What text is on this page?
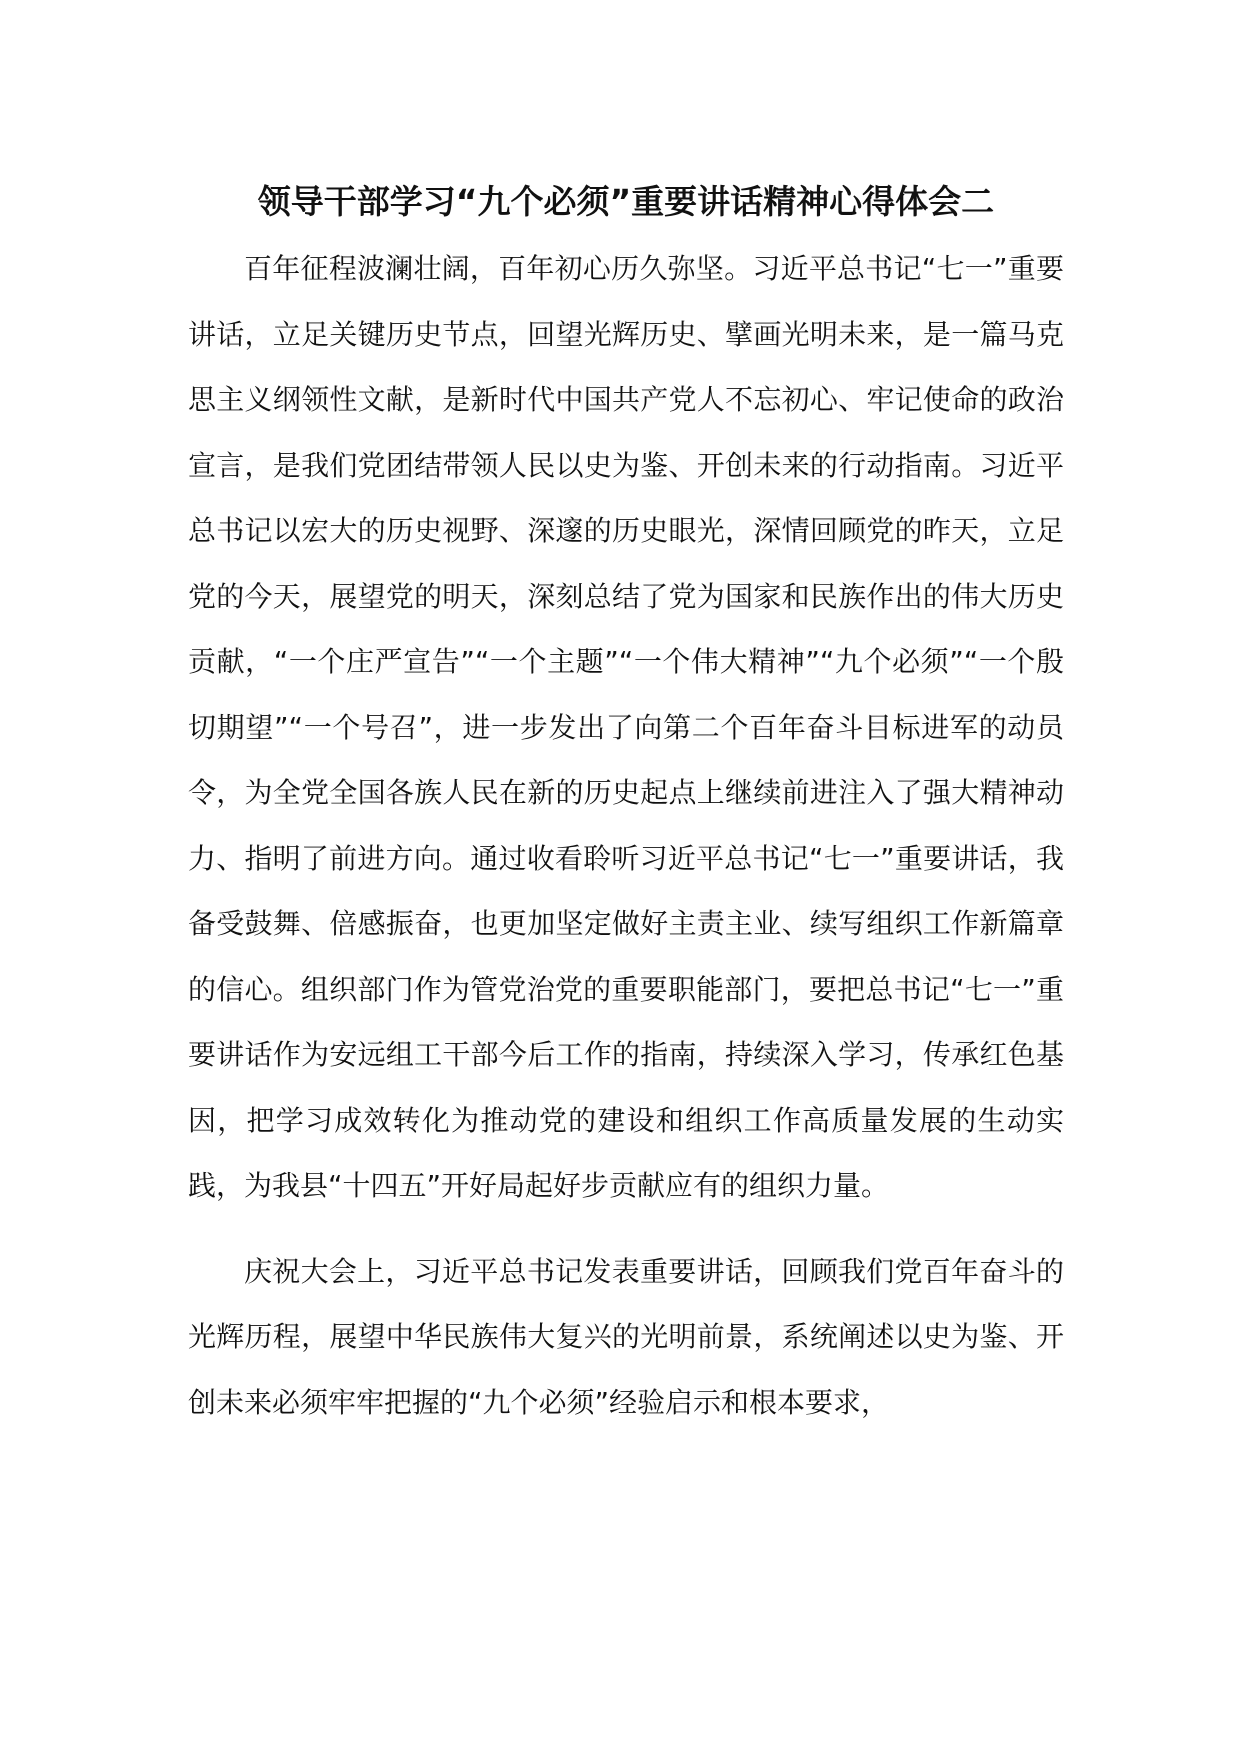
领导干部学习“九个必须”重要讲话精神心得体会二

百年征程波澜壮阔，百年初心历久弥坚。习近平总书记“七一”重要讲话，立足关键历史节点，回望光辉历史、擘画光明未来，是一篇马克思主义纲领性文献，是新时代中国共产党人不忘初心、牢记使命的政治宣言，是我们党团结带领人民以史为鉴、开创未来的行动指南。习近平总书记以宏大的历史视野、深邃的历史眼光，深情回顾党的昨天，立足党的今天，展望党的明天，深刻总结了党为国家和民族作出的伟大历史贡献，“一个庄严宣告”“一个主题”“一个伟大精神”“九个必须”“一个殷切期望”“一个号召”，进一步发出了向第二个百年奋斗目标进军的动员令，为全党全国各族人民在新的历史起点上继续前进注入了强大精神动力、指明了前进方向。通过收看聆听习近平总书记“七一”重要讲话，我备受鼓舞、倍感振奋，也更加坚定做好主责主业、续写组织工作新篇章的信心。组织部门作为管党治党的重要职能部门，要把总书记“七一”重要讲话作为安远组工干部今后工作的指南，持续深入学习，传承红色基因，把学习成效转化为推动党的建设和组织工作高质量发展的生动实践，为我县“十四五”开好局起好步贡献应有的组织力量。

庆祝大会上，习近平总书记发表重要讲话，回顾我们党百年奋斗的光辉历程，展望中华民族伟大复兴的光明前景，系统阐述以史为鉴、开创未来必须牢牢把握的“九个必须”经验启示和根本要求，
